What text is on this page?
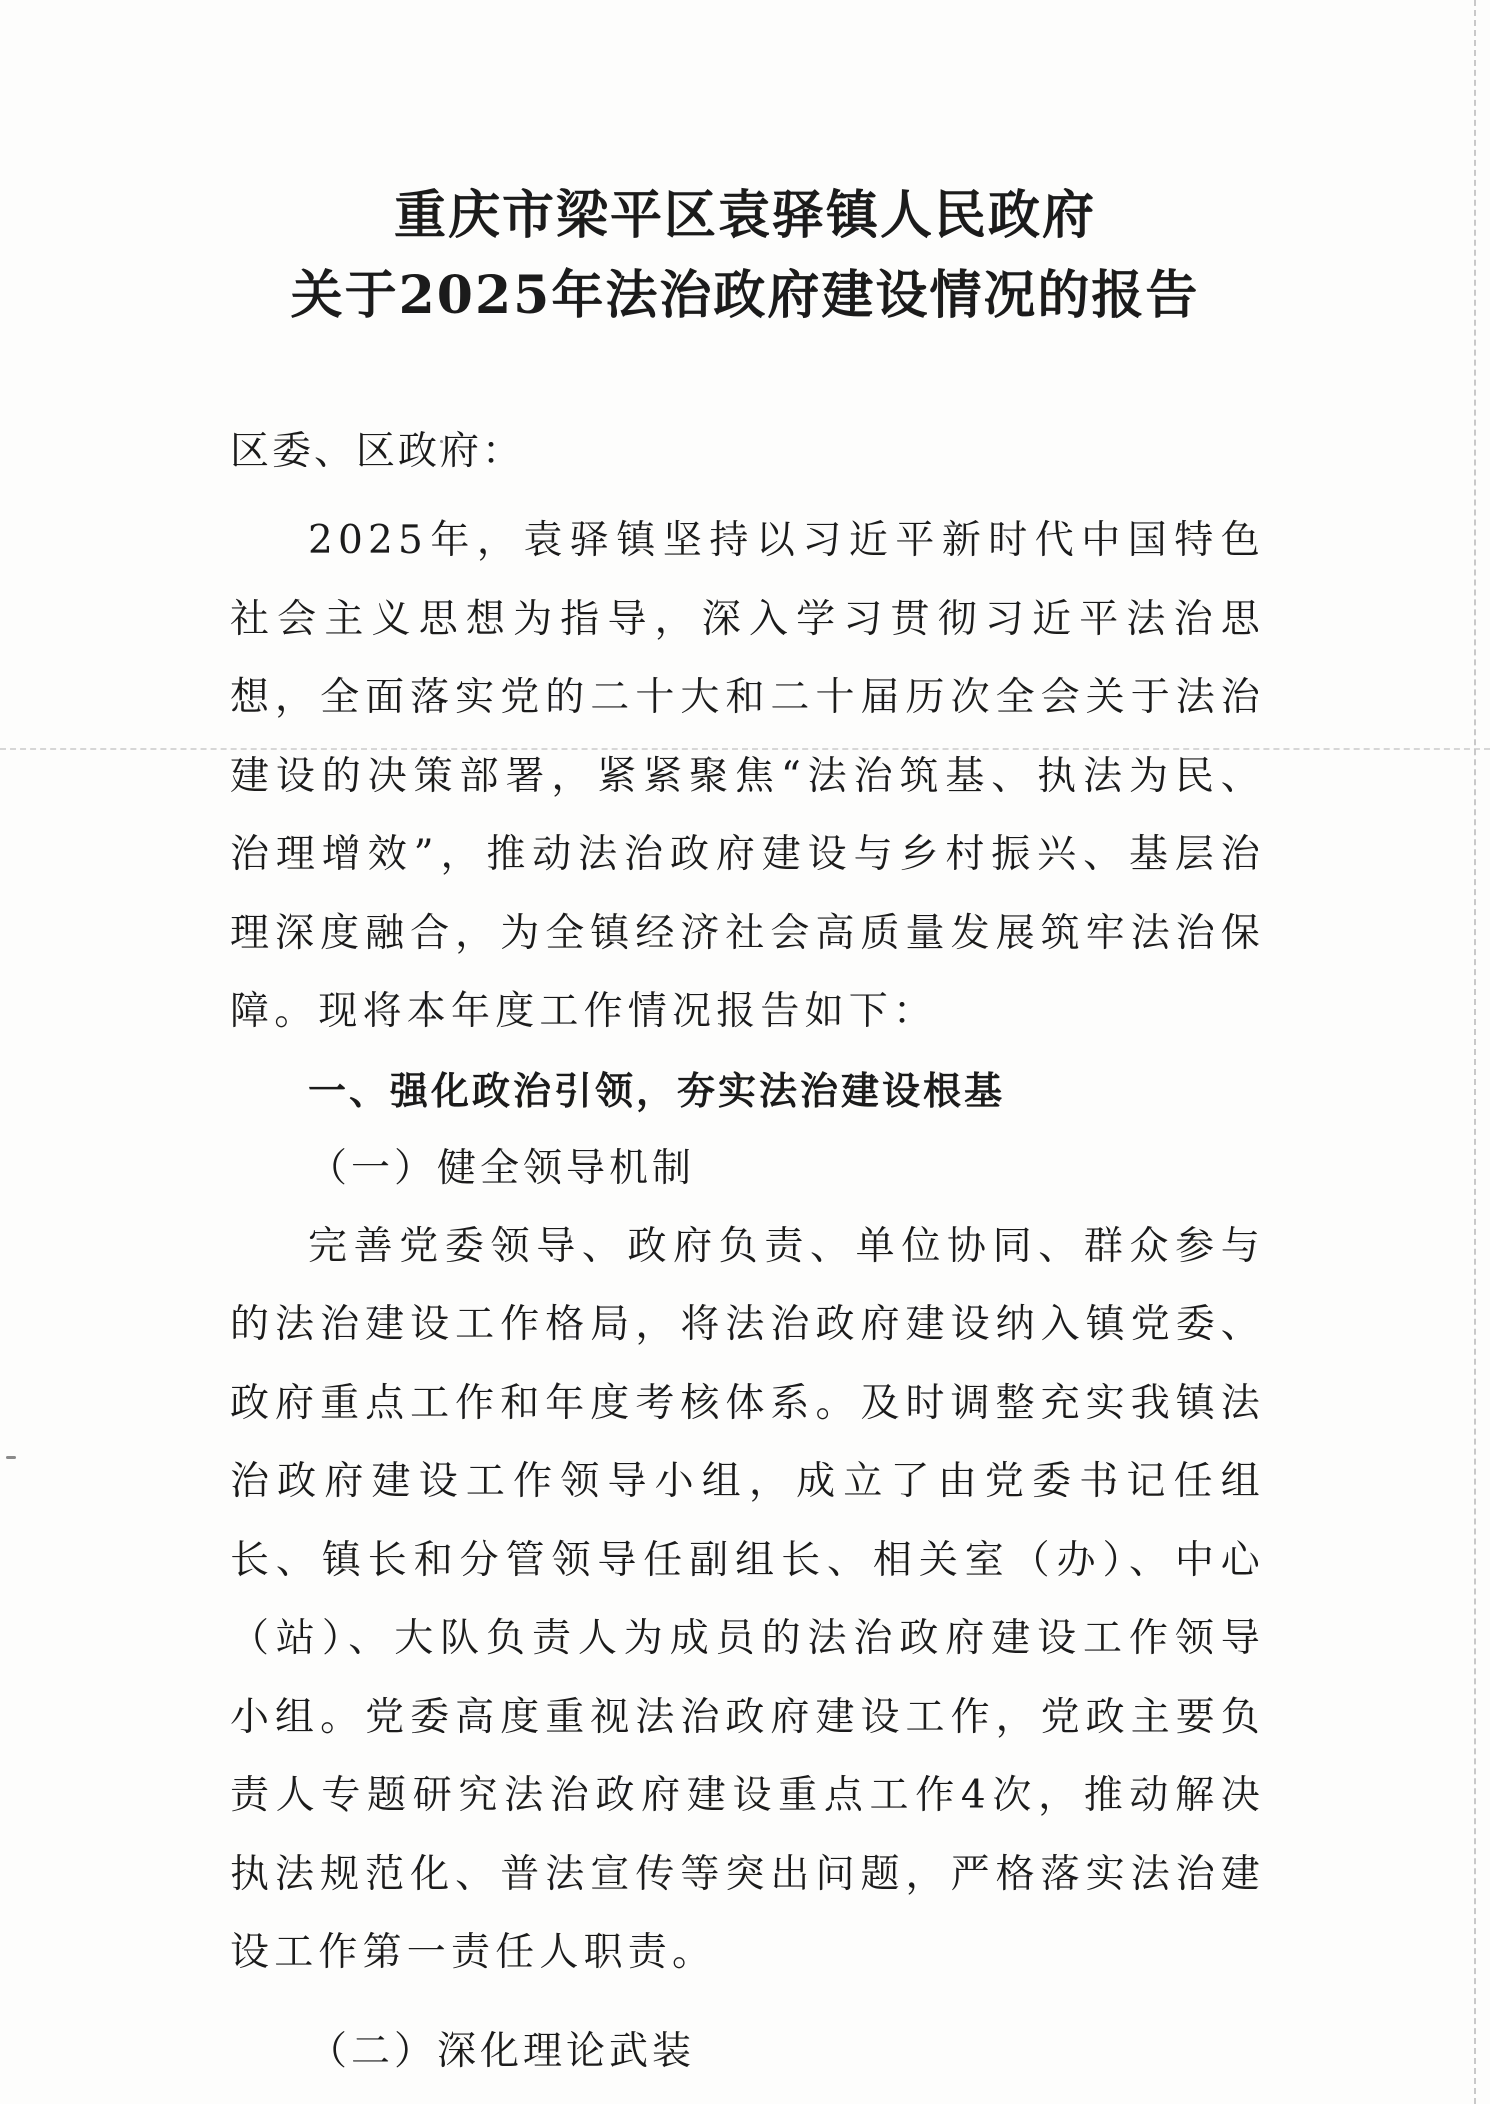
重庆市梁平区袁驿镇人民政府
关于2025年法治政府建设情况的报告
区委、区政府：

2025年，袁驿镇坚持以习近平新时代中国特色社会主义思想为指导，深入学习贯彻习近平法治思想，全面落实党的二十大和二十届历次全会关于法治建设的决策部署，紧紧聚焦“法治筑基、执法为民、治理增效”，推动法治政府建设与乡村振兴、基层治理深度融合，为全镇经济社会高质量发展筑牢法治保障。现将本年度工作情况报告如下：

一、强化政治引领，夯实法治建设根基
（一）健全领导机制

完善党委领导、政府负责、单位协同、群众参与的法治建设工作格局，将法治政府建设纳入镇党委、政府重点工作和年度考核体系。及时调整充实我镇法治政府建设工作领导小组，成立了由党委书记任组长、镇长和分管领导任副组长、相关室（办）、中心（站）、大队负责人为成员的法治政府建设工作领导小组。党委高度重视法治政府建设工作，党政主要负责人专题研究法治政府建设重点工作4次，推动解决执法规范化、普法宣传等突出问题，严格落实法治建设工作第一责任人职责。

（二）深化理论武装
